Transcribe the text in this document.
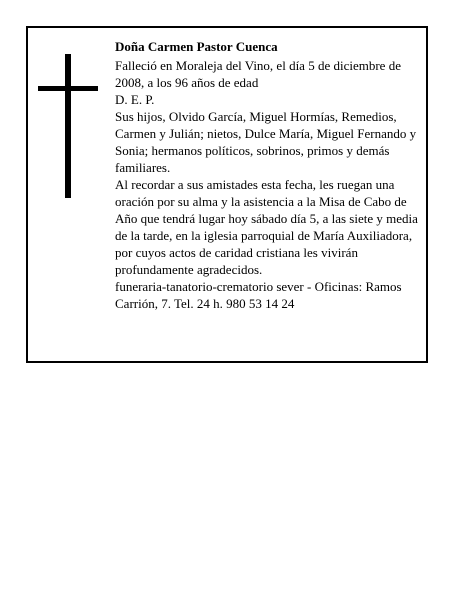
Doña Carmen Pastor Cuenca

Falleció en Moraleja del Vino, el día 5 de diciembre de 2008, a los 96 años de edad

D. E. P.

Sus hijos, Olvido García, Miguel Hormías, Remedios, Carmen y Julián; nietos, Dulce María, Miguel Fernando y Sonia; hermanos políticos, sobrinos, primos y demás familiares.

Al recordar a sus amistades esta fecha, les ruegan una oración por su alma y la asistencia a la Misa de Cabo de Año que tendrá lugar hoy sábado día 5, a las siete y media de la tarde, en la iglesia parroquial de María Auxiliadora, por cuyos actos de caridad cristiana les vivirán profundamente agradecidos.

funeraria-tanatorio-crematorio sever - Oficinas: Ramos Carrión, 7. Tel. 24 h. 980 53 14 24
